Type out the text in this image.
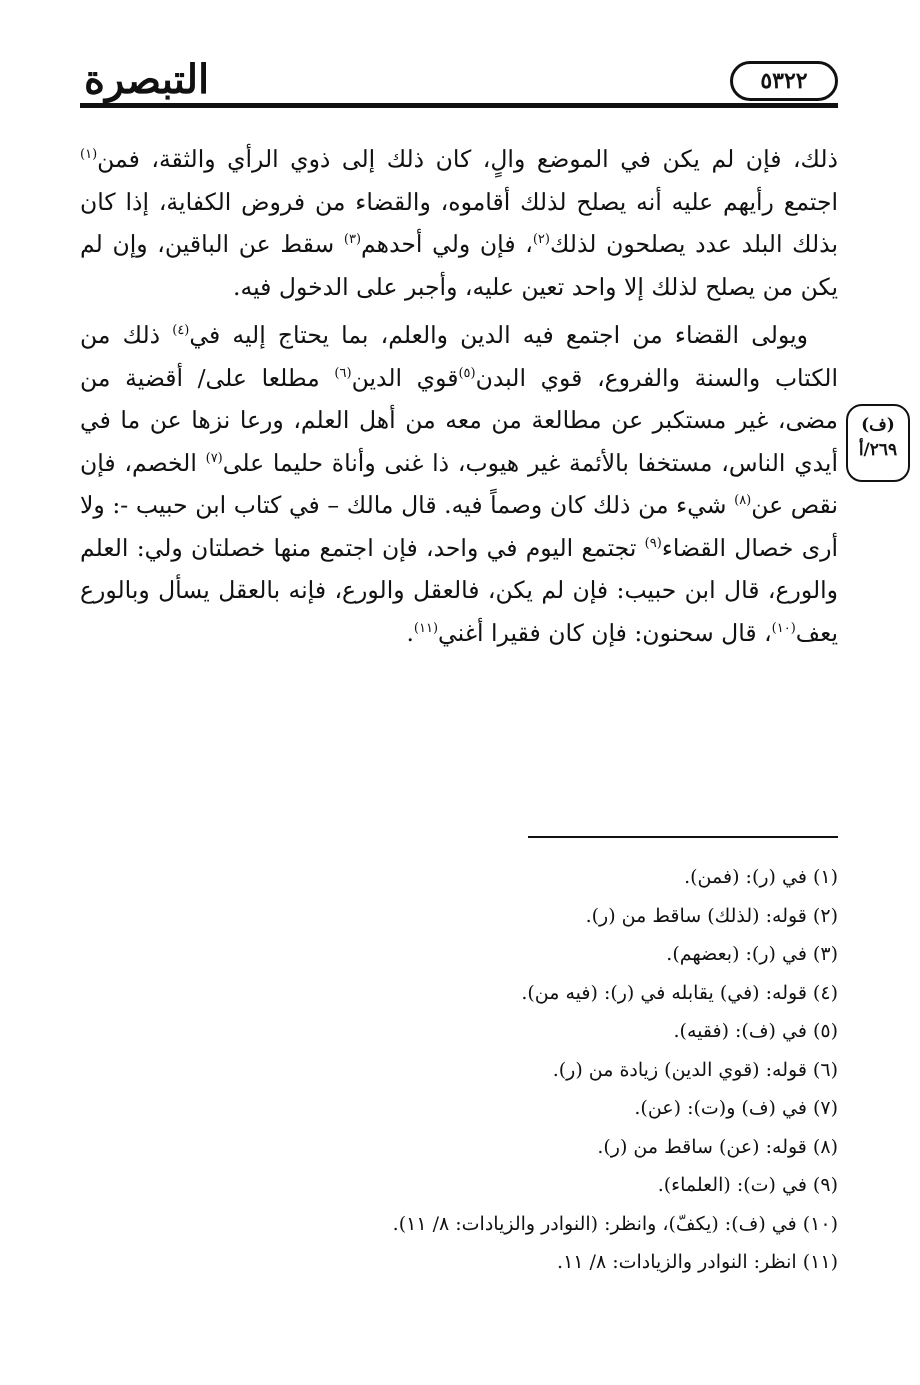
التبصرة	٥٣٢٢
(ف)
٢٦٩/أ

ذلك، فإن لم يكن في الموضع والٍ، كان ذلك إلى ذوي الرأي والثقة، فمن$^{(١)}$ اجتمع رأيهم عليه أنه يصلح لذلك أقاموه، والقضاء من فروض الكفاية، إذا كان بذلك البلد عدد يصلحون لذلك$^{(٢)}$، فإن ولي أحدهم$^{(٣)}$ سقط عن الباقين، وإن لم يكن من يصلح لذلك إلا واحد تعين عليه، وأجبر على الدخول فيه.

ويولى القضاء من اجتمع فيه الدين والعلم، بما يحتاج إليه في$^{(٤)}$ ذلك من الكتاب والسنة والفروع، قوي البدن$^{(٥)}$قوي الدين$^{(٦)}$ مطلعا على/ أقضية من مضى، غير مستكبر عن مطالعة من معه من أهل العلم، ورعا نزها عن ما في أيدي الناس، مستخفا بالأئمة غير هيوب، ذا غنى وأناة حليما على$^{(٧)}$ الخصم، فإن نقص عن$^{(٨)}$ شيء من ذلك كان وصماً فيه. قال مالك – في كتاب ابن حبيب -: ولا أرى خصال القضاء$^{(٩)}$ تجتمع اليوم في واحد، فإن اجتمع منها خصلتان ولي: العلم والورع، قال ابن حبيب: فإن لم يكن، فالعقل والورع، فإنه بالعقل يسأل وبالورع يعف$^{(١٠)}$، قال سحنون: فإن كان فقيرا أغني$^{(١١)}$.

(١) في (ر): (فمن).
(٢) قوله: (لذلك) ساقط من (ر).
(٣) في (ر): (بعضهم).
(٤) قوله: (في) يقابله في (ر): (فيه من).
(٥) في (ف): (فقيه).
(٦) قوله: (قوي الدين) زيادة من (ر).
(٧) في (ف) و(ت): (عن).
(٨) قوله: (عن) ساقط من (ر).
(٩) في (ت): (العلماء).
(١٠) في (ف): (يكفّ)، وانظر: (النوادر والزيادات: ٨/ ١١).
(١١) انظر: النوادر والزيادات: ٨/ ١١.
